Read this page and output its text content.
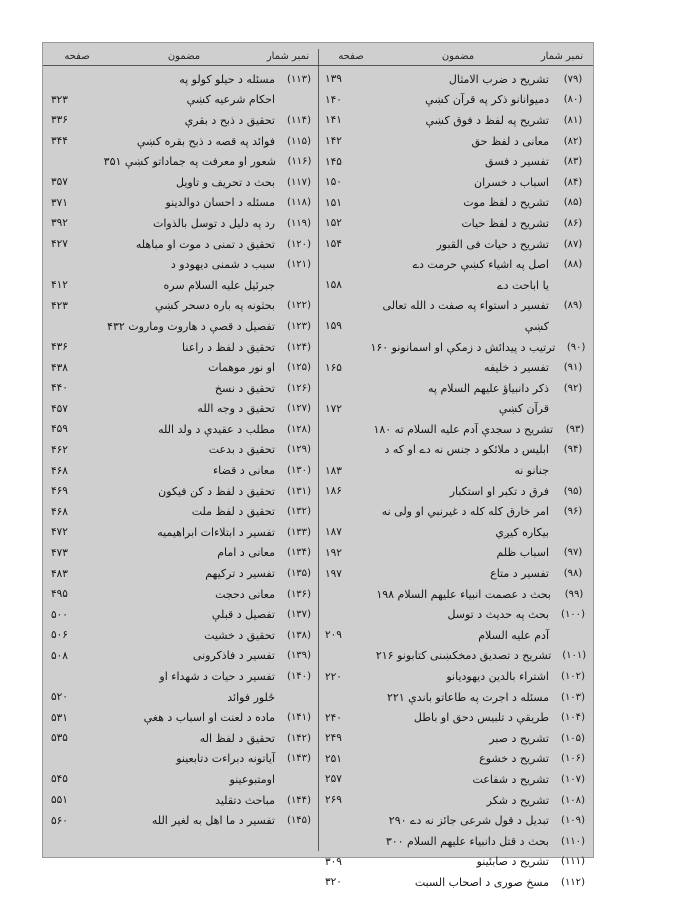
نمبر شمار
مضمون
صفحه
(۷۹)
تشریح د ضرب الامثال
۱۳۹
(۸۰)
دمیوانانو ذکر په قرآن کښې
۱۴۰
(۸۱)
تشریح په لفظ د فوق کښې
۱۴۱
(۸۲)
معانی د لفظ حق
۱۴۲
(۸۳)
تفسیر د فسق
۱۴۵
(۸۴)
اسباب د خسران
۱۵۰
(۸۵)
تشریح د لفظ موت
۱۵۱
(۸۶)
تشریح د لفظ حیات
۱۵۲
(۸۷)
تشریح د حیات فی القبور
۱۵۴
(۸۸)
اصل په اشیاء کښې حرمت دے
یا اباحت دے
۱۵۸
(۸۹)
تفسیر د استواء په صفت د الله تعالی
کښې
۱۵۹
(۹۰)
ترتیب د پیدائش د زمکې او اسمانونو ۱۶۰
(۹۱)
تفسیر د خلیفه
۱۶۵
(۹۲)
ذکر دانبیاؤ علیهم السلام په
قرآن کښې
۱۷۲
(۹۳)
تشریح د سجدې آدم علیه السلام ته ۱۸۰
(۹۴)
ابلیس د ملائکو د جنس نه دے او که د
جنانو نه
۱۸۳
(۹۵)
فرق د تکبر او استکبار
۱۸۶
(۹۶)
امر خارق کله کله د غیرنبي او ولی نه
بیکاره کیږي
۱۸۷
(۹۷)
اسباب ظلم
۱۹۲
(۹۸)
تفسیر د متاع
۱۹۷
(۹۹)
بحث د عصمت انبیاء علیهم السلام ۱۹۸
(۱۰۰)
بحث په حدیث د توسل
آدم علیه السلام
۲۰۹
(۱۰۱)
تشریح د تصدیق دمخکښنی کتابونو ۲۱۶
(۱۰۲)
اشتراء بالدین دیهودیانو
۲۲۰
(۱۰۳)
مسئله د اجرت په طاعاتو باندې ۲۲۱
(۱۰۴)
طریقې د تلبیس دحق او باطل
۲۴۰
(۱۰۵)
تشریح د صبر
۲۴۹
(۱۰۶)
تشریح د خشوع
۲۵۱
(۱۰۷)
تشریح د شفاعت
۲۵۷
(۱۰۸)
تشریح د شکر
۲۶۹
(۱۰۹)
تبدیل د قول شرعی جائز نه دے ۲۹۰
(۱۱۰)
بحث د قتل دانبیاء علیهم السلام ۳۰۰
(۱۱۱)
تشریح د صابئینو
۳۰۹
(۱۱۲)
مسخ صوری د اصحاب السبت
۳۲۰
نمبر شمار
مضمون
صفحه
(۱۱۳)
مسئله د حیلو کولو په
احکام شرعیه کښې
۳۲۳
(۱۱۴)
تحقیق د ذبح د بقرې
۳۳۶
(۱۱۵)
فوائد په قصه د ذبح بقره کښې
۳۴۴
(۱۱۶)
شعور او معرفت په جماداتو کښې ۳۵۱
(۱۱۷)
بحث د تحریف و تاویل
۳۵۷
(۱۱۸)
مسئله د احسان دوالدینو
۳۷۱
(۱۱۹)
رد په دلیل د توسل بالذوات
۳۹۲
(۱۲۰)
تحقیق د تمنی د موت او مباهله
۴۲۷
(۱۲۱)
سبب د شمنی دیهودو د
جبرئیل علیه السلام سره
۴۱۲
(۱۲۲)
بحثونه په باره دسحر کښې
۴۲۳
(۱۲۳)
تفصیل د قصې د هاروت وماروت ۴۳۲
(۱۲۴)
تحقیق د لفظ د راعنا
۴۳۶
(۱۲۵)
او نور موهمات
۴۳۸
(۱۲۶)
تحقیق د نسخ
۴۴۰
(۱۲۷)
تحقیق د وجه الله
۴۵۷
(۱۲۸)
مطلب د عقیدې د ولد الله
۴۵۹
(۱۲۹)
تحقیق د بدعت
۴۶۲
(۱۳۰)
معانی د قضاء
۴۶۸
(۱۳۱)
تحقیق د لفظ د کن فیکون
۴۶۹
(۱۳۲)
تحقیق د لفظ ملت
۴۶۸
(۱۳۳)
تفسیر د ابتلاءات ابراهیمیه
۴۷۲
(۱۳۴)
معانی د امام
۴۷۳
(۱۳۵)
تفسیر د ترکیهم
۴۸۳
(۱۳۶)
معانی دحجت
۴۹۵
(۱۳۷)
تفصیل د قبلې
۵۰۰
(۱۳۸)
تحقیق د خشیت
۵۰۶
(۱۳۹)
تفسیر د فاذکرونی
۵۰۸
(۱۴۰)
تفسیر د حیات د شهداء او
ځلور فوائد
۵۲۰
(۱۴۱)
ماده د لعنت او اسباب د هغې
۵۳۱
(۱۴۲)
تحقیق د لفظ اله
۵۳۵
(۱۴۳)
آیاتونه دبراءت دتابعینو
اومتبوعینو
۵۴۵
(۱۴۴)
مباحث دتقلید
۵۵۱
(۱۴۵)
تفسیر د ما اهل به لغیر الله
۵۶۰
